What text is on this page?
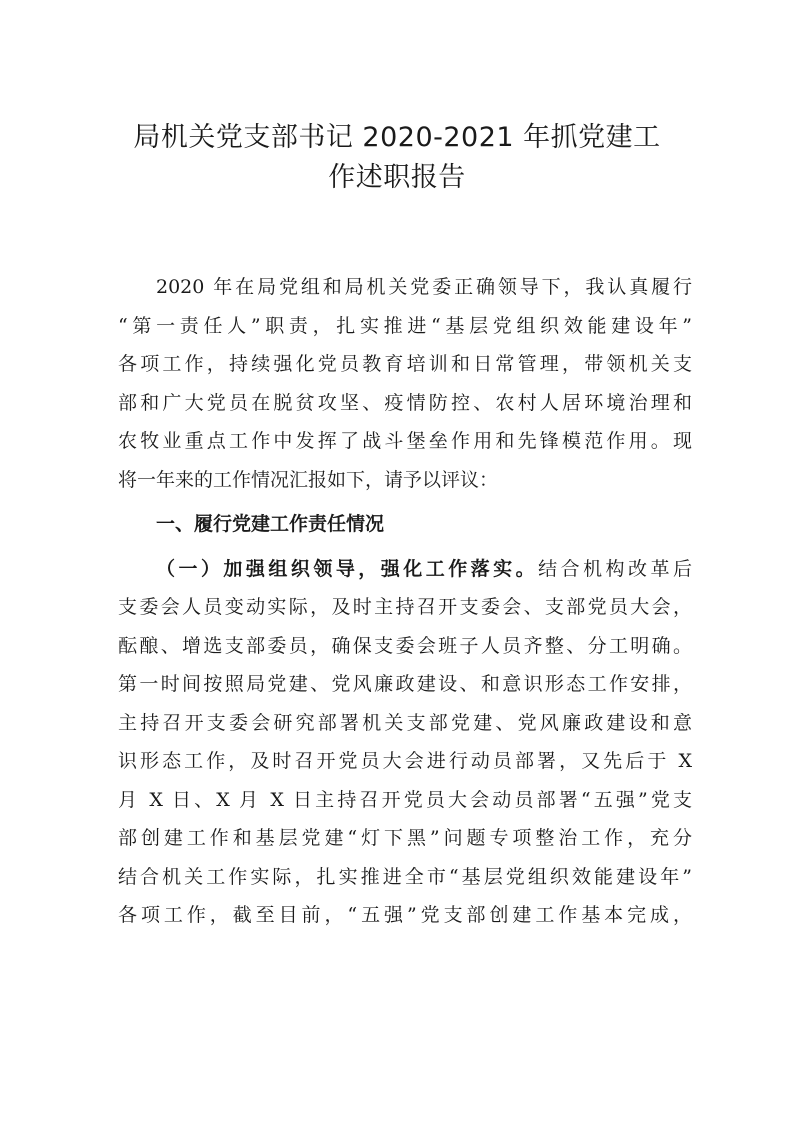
局机关党支部书记 2020-2021 年抓党建工
作述职报告
2020 年在局党组和局机关党委正确领导下，我认真履行
“第一责任人”职责，扎实推进“基层党组织效能建设年”
各项工作，持续强化党员教育培训和日常管理，带领机关支
部和广大党员在脱贫攻坚、疫情防控、农村人居环境治理和
农牧业重点工作中发挥了战斗堡垒作用和先锋模范作用。现
将一年来的工作情况汇报如下，请予以评议：
一、履行党建工作责任情况
（一）加强组织领导，强化工作落实。结合机构改革后
支委会人员变动实际，及时主持召开支委会、支部党员大会，
酝酿、增选支部委员，确保支委会班子人员齐整、分工明确。
第一时间按照局党建、党风廉政建设、和意识形态工作安排，
主持召开支委会研究部署机关支部党建、党风廉政建设和意
识形态工作，及时召开党员大会进行动员部署，又先后于 X
月 X 日、X 月 X 日主持召开党员大会动员部署“五强”党支
部创建工作和基层党建“灯下黑”问题专项整治工作，充分
结合机关工作实际，扎实推进全市“基层党组织效能建设年”
各项工作，截至目前，“五强”党支部创建工作基本完成，
